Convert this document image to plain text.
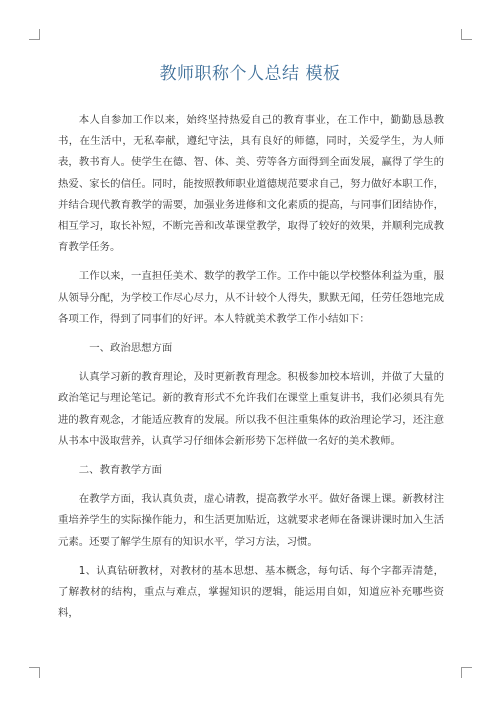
教师职称个人总结 模板

本人自参加工作以来，始终坚持热爱自己的教育事业，在工作中，勤勤恳恳教书，在生活中，无私奉献，遵纪守法，具有良好的师德，同时，关爱学生，为人师表，教书育人。使学生在德、智、体、美、劳等各方面得到全面发展，赢得了学生的热爱、家长的信任。同时，能按照教师职业道德规范要求自己，努力做好本职工作，并结合现代教育教学的需要，加强业务进修和文化素质的提高，与同事们团结协作，相互学习，取长补短，不断完善和改革课堂教学，取得了较好的效果，并顺利完成教育教学任务。

工作以来，一直担任美术、数学的教学工作。工作中能以学校整体利益为重，服从领导分配，为学校工作尽心尽力，从不计较个人得失，默默无闻，任劳任怨地完成各项工作，得到了同事们的好评。本人特就美术教学工作小结如下：

一、政治思想方面

认真学习新的教育理论，及时更新教育理念。积极参加校本培训，并做了大量的政治笔记与理论笔记。新的教育形式不允许我们在课堂上重复讲书，我们必须具有先进的教育观念，才能适应教育的发展。所以我不但注重集体的政治理论学习，还注意从书本中汲取营养，认真学习仔细体会新形势下怎样做一名好的美术教师。

二、教育教学方面

在教学方面，我认真负责，虚心请教，提高教学水平。做好备课上课。新教材注重培养学生的实际操作能力，和生活更加贴近，这就要求老师在备课讲课时加入生活元素。还要了解学生原有的知识水平，学习方法，习惯。

1、认真钻研教材，对教材的基本思想、基本概念，每句话、每个字都弄清楚，了解教材的结构，重点与难点，掌握知识的逻辑，能运用自如，知道应补充哪些资料，
